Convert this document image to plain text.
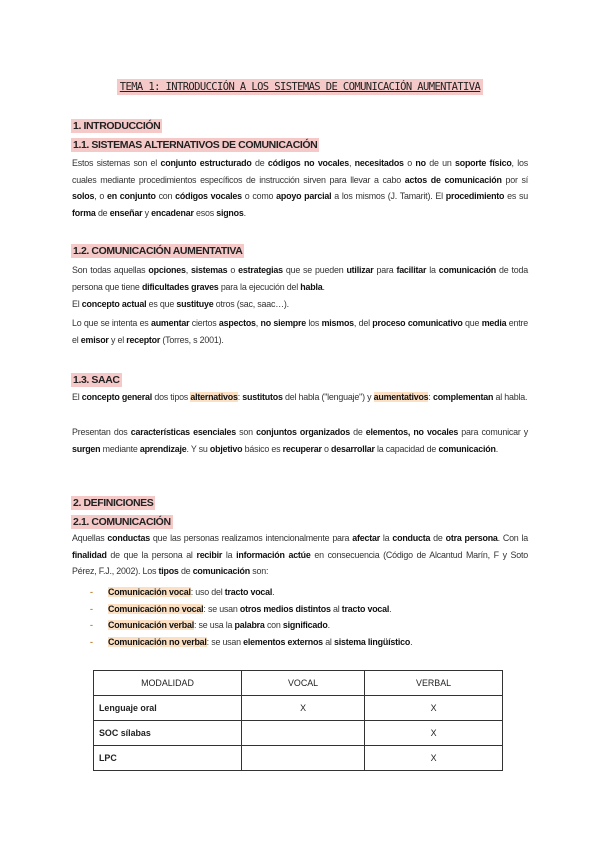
TEMA 1: INTRODUCCIÓN A LOS SISTEMAS DE COMUNICACIÓN AUMENTATIVA
1. INTRODUCCIÓN
1.1. SISTEMAS ALTERNATIVOS DE COMUNICACIÓN

Estos sistemas son el conjunto estructurado de códigos no vocales, necesitados o no de un soporte físico, los cuales mediante procedimientos específicos de instrucción sirven para llevar a cabo actos de comunicación por sí solos, o en conjunto con códigos vocales o como apoyo parcial a los mismos (J. Tamarit). El procedimiento es su forma de enseñar y encadenar esos signos.

1.2. COMUNICACIÓN AUMENTATIVA

Son todas aquellas opciones, sistemas o estrategias que se pueden utilizar para facilitar la comunicación de toda persona que tiene dificultades graves para la ejecución del habla.

El concepto actual es que sustituye otros (sac, saac…).

Lo que se intenta es aumentar ciertos aspectos, no siempre los mismos, del proceso comunicativo que media entre el emisor y el receptor (Torres, s 2001).

1.3. SAAC

El concepto general dos tipos alternativos: sustitutos del habla ("lenguaje") y aumentativos: complementan al habla.

Presentan dos características esenciales son conjuntos organizados de elementos, no vocales para comunicar y surgen mediante aprendizaje. Y su objetivo básico es recuperar o desarrollar la capacidad de comunicación.

2. DEFINICIONES
2.1. COMUNICACIÓN

Aquellas conductas que las personas realizamos intencionalmente para afectar la conducta de otra persona. Con la finalidad de que la persona al recibir la información actúe en consecuencia (Código de Alcantud Marín, F y Soto Pérez, F.J., 2002). Los tipos de comunicación son:

- Comunicación vocal: uso del tracto vocal.
- Comunicación no vocal: se usan otros medios distintos al tracto vocal.
- Comunicación verbal: se usa la palabra con significado.
- Comunicación no verbal: se usan elementos externos al sistema lingüístico.
MODALIDAD	VOCAL	VERBAL
Lenguaje oral	X	X
SOC sílabas		X
LPC		X
